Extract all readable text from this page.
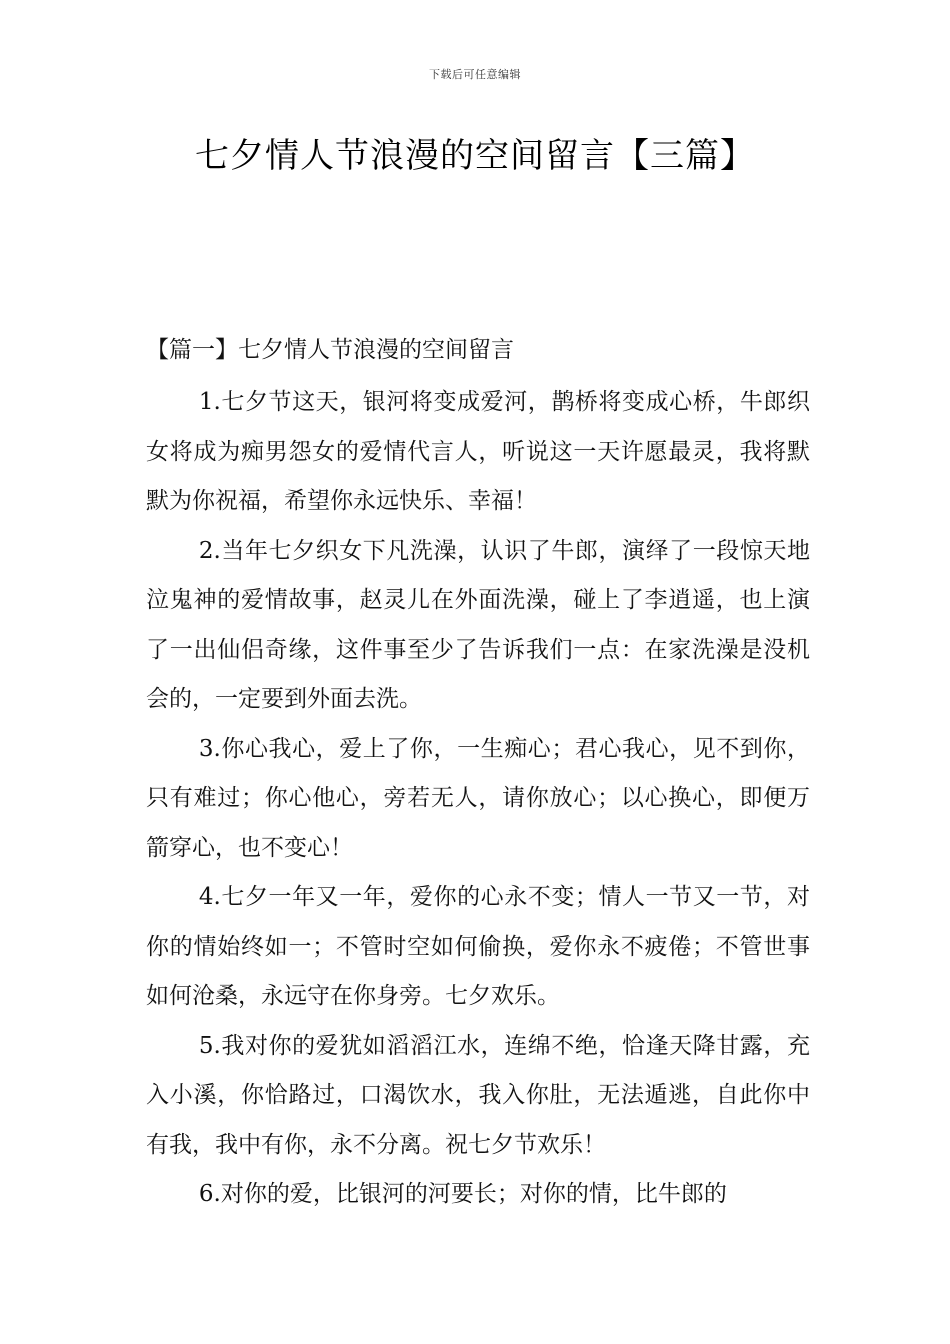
下载后可任意编辑
七夕情人节浪漫的空间留言【三篇】
【篇一】七夕情人节浪漫的空间留言

1.七夕节这天，银河将变成爱河，鹊桥将变成心桥，牛郎织女将成为痴男怨女的爱情代言人，听说这一天许愿最灵，我将默默为你祝福，希望你永远快乐、幸福！

2.当年七夕织女下凡洗澡，认识了牛郎，演绎了一段惊天地泣鬼神的爱情故事，赵灵儿在外面洗澡，碰上了李逍遥，也上演了一出仙侣奇缘，这件事至少了告诉我们一点：在家洗澡是没机会的，一定要到外面去洗。

3.你心我心，爱上了你，一生痴心；君心我心，见不到你，只有难过；你心他心，旁若无人，请你放心；以心换心，即便万箭穿心，也不变心！

4.七夕一年又一年，爱你的心永不变；情人一节又一节，对你的情始终如一；不管时空如何偷换，爱你永不疲倦；不管世事如何沧桑，永远守在你身旁。七夕欢乐。

5.我对你的爱犹如滔滔江水，连绵不绝，恰逢天降甘露，充入小溪，你恰路过，口渴饮水，我入你肚，无法遁逃，自此你中有我，我中有你，永不分离。祝七夕节欢乐！

6.对你的爱，比银河的河要长；对你的情，比牛郎的
